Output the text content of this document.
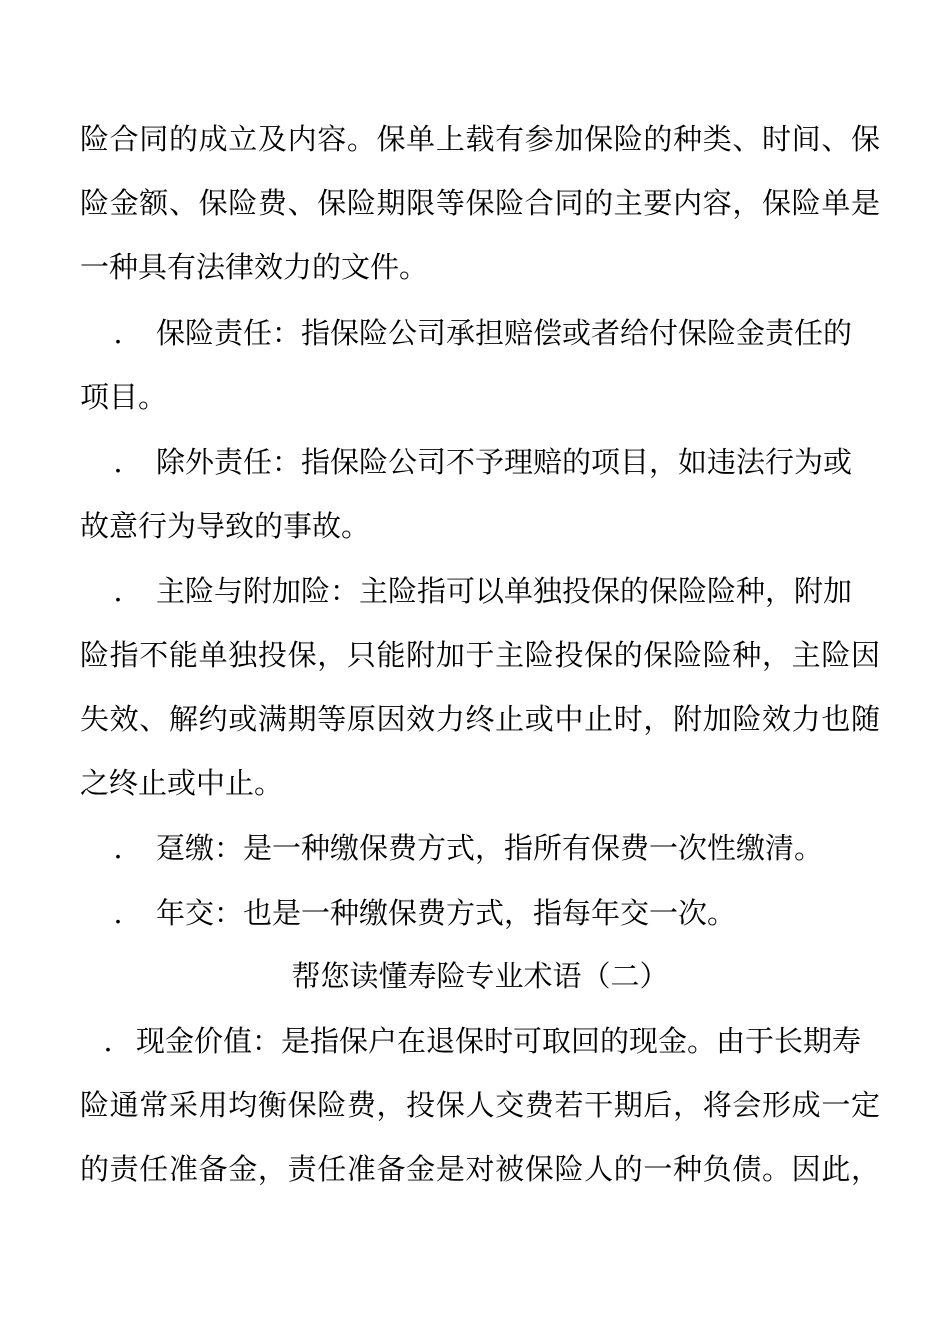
险合同的成立及内容。保单上载有参加保险的种类、时间、保
险金额、保险费、保险期限等保险合同的主要内容，保险单是
一种具有法律效力的文件。
. 保险责任：指保险公司承担赔偿或者给付保险金责任的
项目。
. 除外责任：指保险公司不予理赔的项目，如违法行为或
故意行为导致的事故。
. 主险与附加险：主险指可以单独投保的保险险种，附加
险指不能单独投保，只能附加于主险投保的保险险种，主险因
失效、解约或满期等原因效力终止或中止时，附加险效力也随
之终止或中止。
. 趸缴：是一种缴保费方式，指所有保费一次性缴清。
. 年交：也是一种缴保费方式，指每年交一次。
帮您读懂寿险专业术语（二）
. 现金价值：是指保户在退保时可取回的现金。由于长期寿
险通常采用均衡保险费，投保人交费若干期后，将会形成一定
的责任准备金，责任准备金是对被保险人的一种负债。因此，
